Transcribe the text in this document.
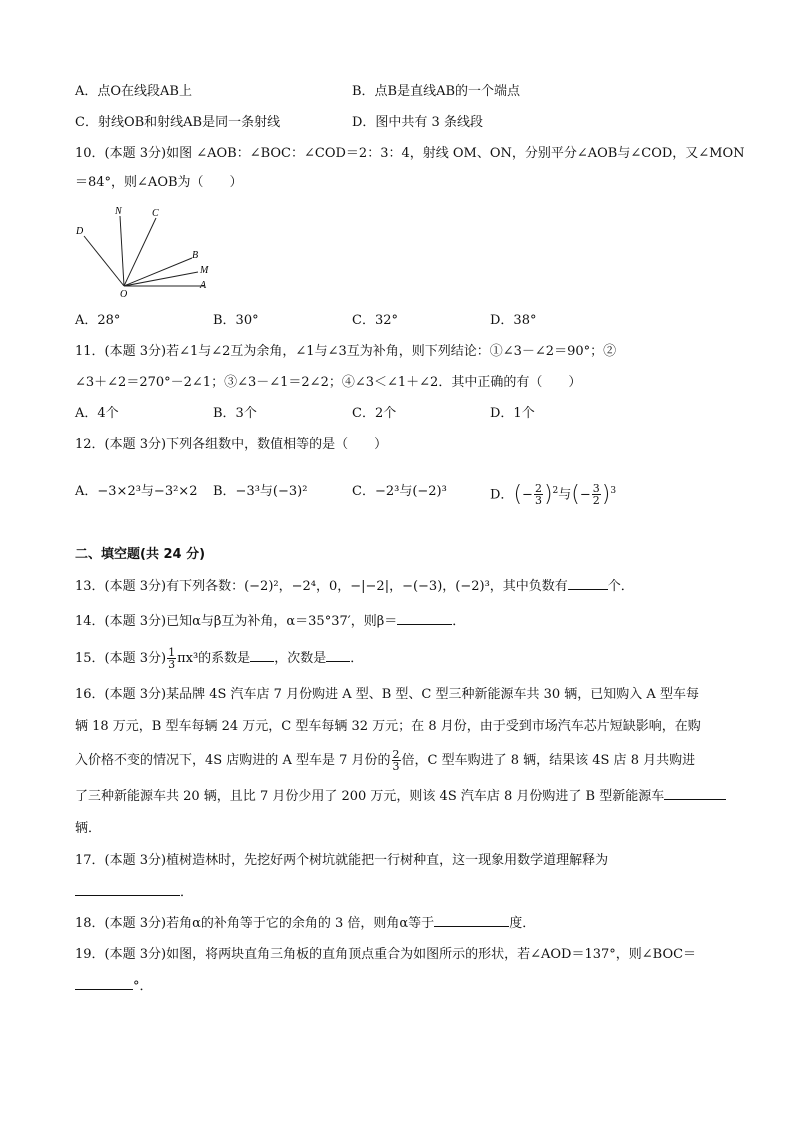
A．点O在线段AB上	B．点B是直线AB的一个端点
C．射线OB和射线AB是同一条射线	D．图中共有 3 条线段
10．(本题 3分)如图 ∠AOB：∠BOC：∠COD＝2：3：4，射线 OM、ON，分别平分∠AOB与∠COD，又∠MON
＝84°，则∠AOB为（　　）
D
N	C
B
M
A
O
A．28°	B．30°	C．32°	D．38°
11．(本题 3分)若∠1与∠2互为余角，∠1与∠3互为补角，则下列结论：①∠3－∠2＝90°；②
∠3＋∠2＝270°－2∠1；③∠3－∠1＝2∠2；④∠3＜∠1＋∠2．其中正确的有（　　）
A．4个	B．3个	C．2个	D．1个
12．(本题 3分)下列各组数中，数值相等的是（　　）
A．−3×2³与−3²×2 B．−3³与(−3)²	C．−2³与(−2)³	D．(− $\frac{2}{3} )^2$与(− $\frac{3}{2} )^3$
二、填空题(共 24 分)
13．(本题 3分)有下列各数：(−2)²，−2⁴，0，−|−2|，−(−3)，(−2)³，其中负数有	个．
14．(本题 3分)已知α与β互为补角，α＝35°37′，则β＝	．
15．(本题 3分) $\frac{1}{3} \pi x^3$的系数是 ，次数是 ．
16．(本题 3分)某品牌 4S 汽车店 7 月份购进 A 型、B 型、C 型三种新能源车共 30 辆，已知购入 A 型车每
辆 18 万元，B 型车每辆 24 万元，C 型车每辆 32 万元；在 8 月份，由于受到市场汽车芯片短缺影响，在购
入价格不变的情况下，4S 店购进的 A 型车是 7 月份的 $\frac{2}{3}$ 倍，C 型车购进了 8 辆，结果该 4S 店 8 月共购进
了三种新能源车共 20 辆，且比 7 月份少用了 200 万元，则该 4S 汽车店 8 月份购进了 B 型新能源车
辆．
17．(本题 3分)植树造林时，先挖好两个树坑就能把一行树种直，这一现象用数学道理解释为
．
18．(本题 3分)若角α的补角等于它的余角的 3 倍，则角α等于	度．
19．(本题 3分)如图，将两块直角三角板的直角顶点重合为如图所示的形状，若∠AOD＝137°，则∠BOC＝
°．
